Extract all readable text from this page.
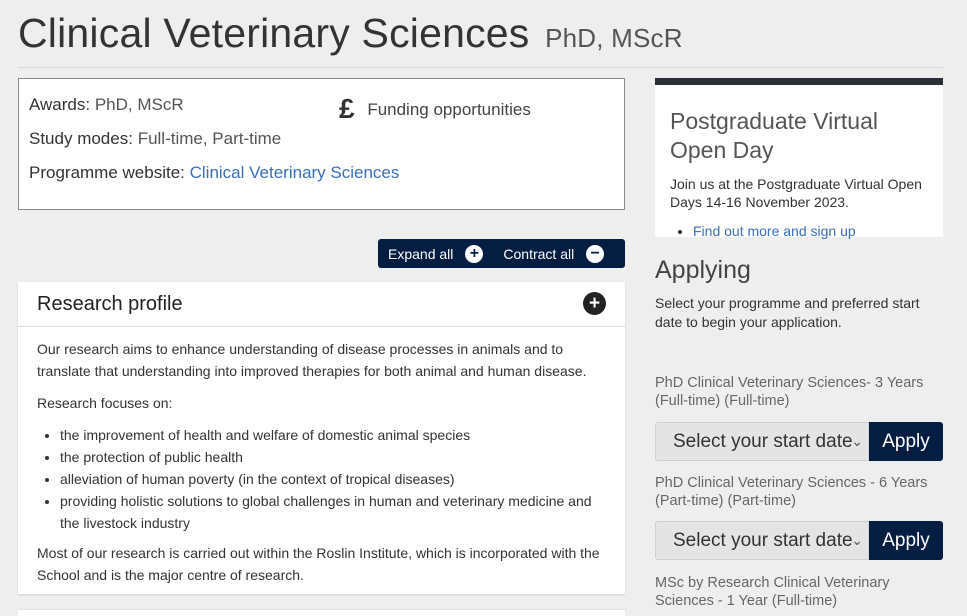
Clinical Veterinary Sciences PhD, MScR
Awards: PhD, MScR
Study modes: Full-time, Part-time
Programme website: Clinical Veterinary Sciences
£ Funding opportunities
Expand all +	Contract all −
Research profile	+

Our research aims to enhance understanding of disease processes in animals and to translate that understanding into improved therapies for both animal and human disease.

Research focuses on:

• the improvement of health and welfare of domestic animal species
• the protection of public health
• alleviation of human poverty (in the context of tropical diseases)
• providing holistic solutions to global challenges in human and veterinary medicine and the livestock industry

Most of our research is carried out within the Roslin Institute, which is incorporated with the School and is the major centre of research.

Postgraduate Virtual Open Day

Join us at the Postgraduate Virtual Open Days 14-16 November 2023.

• Find out more and sign up
Applying

Select your programme and preferred start date to begin your application.

PhD Clinical Veterinary Sciences- 3 Years (Full-time) (Full-time)
Select your start date
⌄	Apply
PhD Clinical Veterinary Sciences - 6 Years (Part-time) (Part-time)
Select your start date
⌄	Apply
MSc by Research Clinical Veterinary Sciences - 1 Year (Full-time)
